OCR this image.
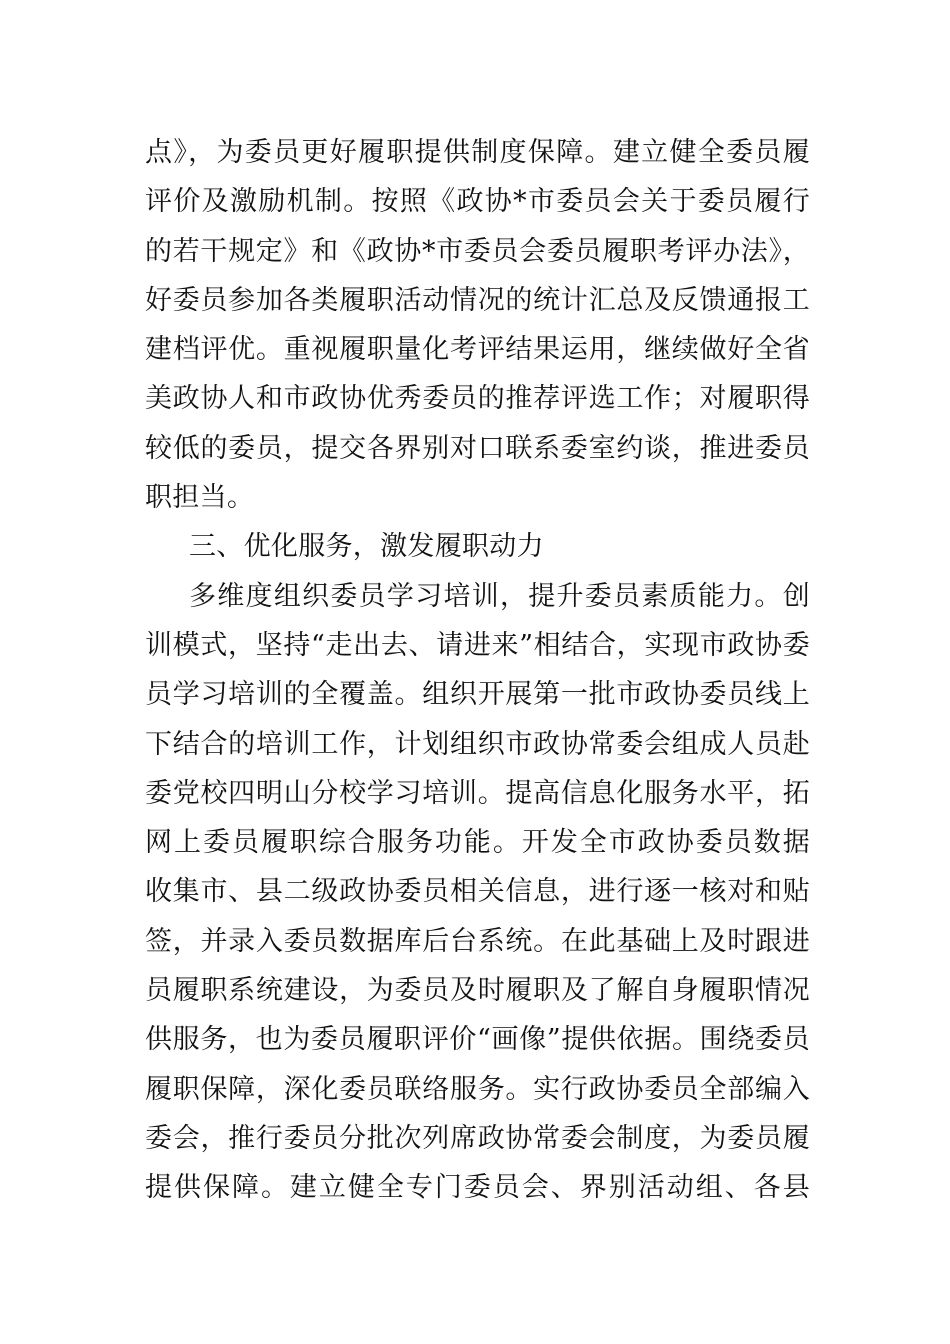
点》，为委员更好履职提供制度保障。建立健全委员履
评价及激励机制。按照《政协*市委员会关于委员履行
的若干规定》和《政协*市委员会委员履职考评办法》，
好委员参加各类履职活动情况的统计汇总及反馈通报工
建档评优。重视履职量化考评结果运用，继续做好全省
美政协人和市政协优秀委员的推荐评选工作；对履职得
较低的委员，提交各界别对口联系委室约谈，推进委员
职担当。
三、优化服务，激发履职动力
多维度组织委员学习培训，提升委员素质能力。创
训模式，坚持“走出去、请进来”相结合，实现市政协委
员学习培训的全覆盖。组织开展第一批市政协委员线上
下结合的培训工作，计划组织市政协常委会组成人员赴
委党校四明山分校学习培训。提高信息化服务水平，拓
网上委员履职综合服务功能。开发全市政协委员数据
收集市、县二级政协委员相关信息，进行逐一核对和贴
签，并录入委员数据库后台系统。在此基础上及时跟进
员履职系统建设，为委员及时履职及了解自身履职情况
供服务，也为委员履职评价“画像”提供依据。围绕委员
履职保障，深化委员联络服务。实行政协委员全部编入
委会，推行委员分批次列席政协常委会制度，为委员履
提供保障。建立健全专门委员会、界别活动组、各县
